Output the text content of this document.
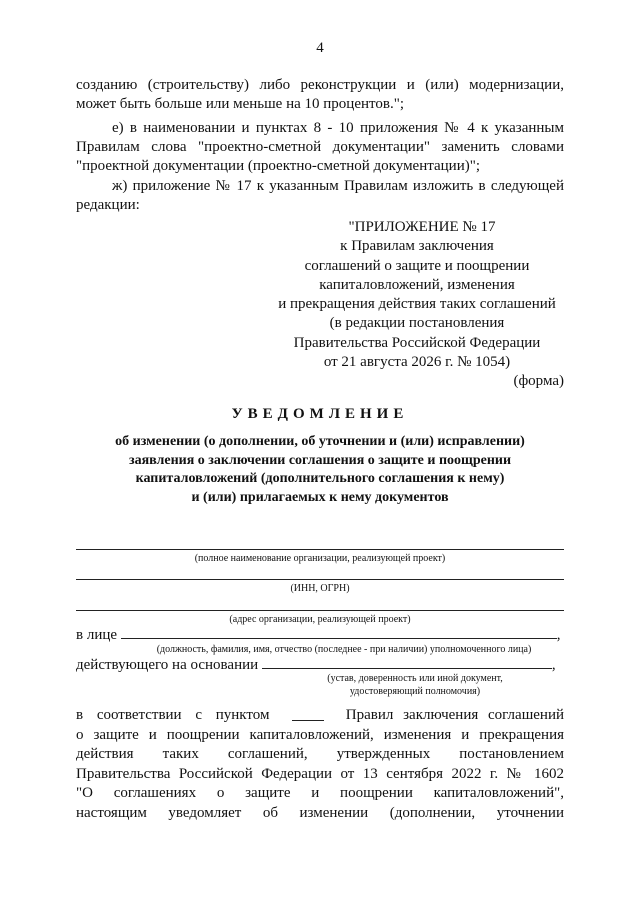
4
созданию (строительству) либо реконструкции и (или) модернизации,
может быть больше или меньше на 10 процентов.";
е) в наименовании и пунктах 8 - 10 приложения № 4 к указанным
Правилам слова "проектно-сметной документации" заменить словами
"проектной документации (проектно-сметной документации)";
ж) приложение № 17 к указанным Правилам изложить в следующей
редакции:
"ПРИЛОЖЕНИЕ № 17
к Правилам заключения
соглашений о защите и поощрении
капиталовложений, изменения
и прекращения действия таких соглашений
(в редакции постановления
Правительства Российской Федерации
от 21 августа 2026 г. № 1054)
(форма)
УВЕДОМЛЕНИЕ
об изменении (о дополнении, об уточнении и (или) исправлении)
заявления о заключении соглашения о защите и поощрении
капиталовложений (дополнительного соглашения к нему)
и (или) прилагаемых к нему документов
(полное наименование организации, реализующей проект)
(ИНН, ОГРН)
(адрес организации, реализующей проект)
в лице	,
(должность, фамилия, имя, отчество (последнее - при наличии) уполномоченного лица)
действующего на основании	,
(устав, доверенность или иной документ,
удостоверяющий полномочия)
в соответствии с пунктом	Правил заключения соглашений
о защите и поощрении капиталовложений, изменения и прекращения
действия таких соглашений, утвержденных постановлением
Правительства Российской Федерации от 13 сентября 2022 г. № 1602
"О соглашениях о защите и поощрении капиталовложений",
настоящим уведомляет об изменении (дополнении, уточнении
